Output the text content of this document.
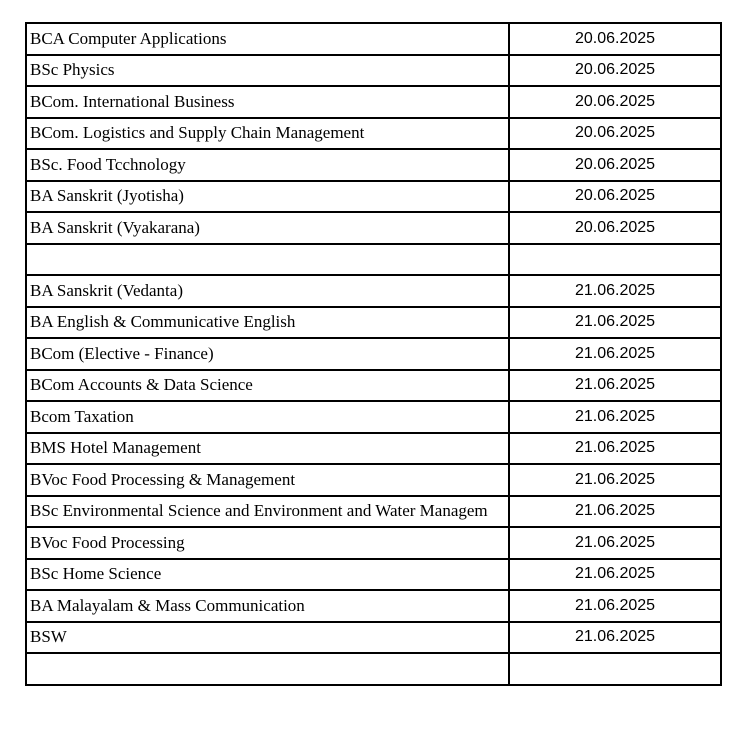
BCA Computer Applications	20.06.2025
BSc Physics	20.06.2025
BCom. International Business	20.06.2025
BCom. Logistics and Supply Chain Management	20.06.2025
BSc. Food Tcchnology	20.06.2025
BA Sanskrit (Jyotisha)	20.06.2025
BA Sanskrit (Vyakarana)	20.06.2025

BA Sanskrit (Vedanta)	21.06.2025
BA English & Communicative English	21.06.2025
BCom (Elective - Finance)	21.06.2025
BCom Accounts & Data Science	21.06.2025
Bcom Taxation	21.06.2025
BMS Hotel Management	21.06.2025
BVoc Food Processing & Management	21.06.2025
BSc Environmental Science and Environment and Water Managem	21.06.2025
BVoc Food Processing	21.06.2025
BSc Home Science	21.06.2025
BA Malayalam & Mass Communication	21.06.2025
BSW	21.06.2025
